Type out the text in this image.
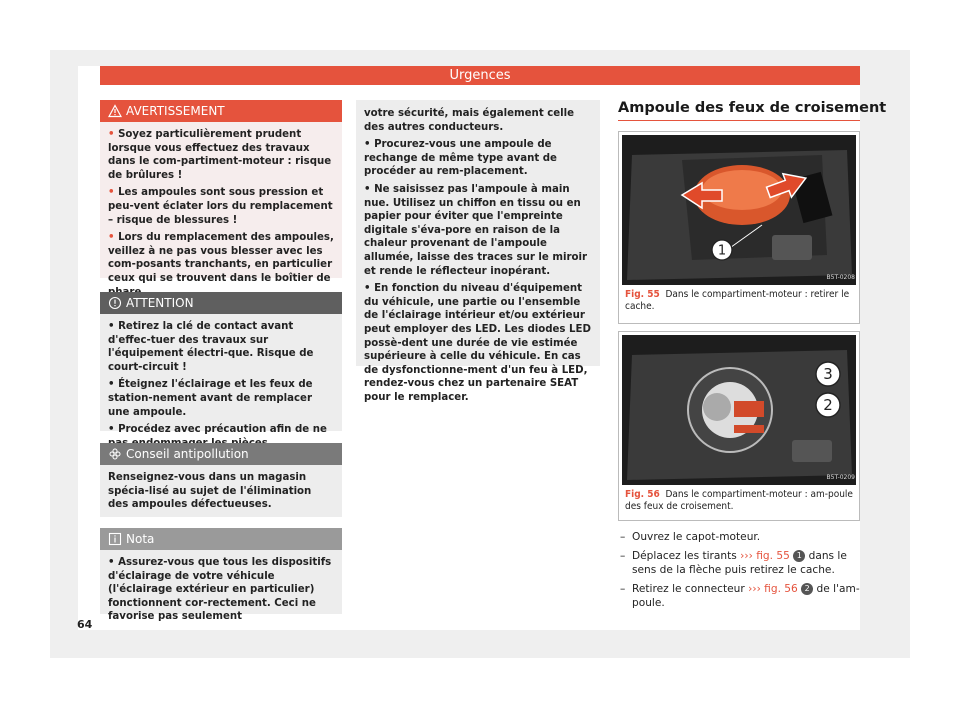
Urgences
AVERTISSEMENT

• Soyez particulièrement prudent lorsque vous effectuez des travaux dans le com-partiment-moteur : risque de brûlures !

• Les ampoules sont sous pression et peu-vent éclater lors du remplacement – risque de blessures !

• Lors du remplacement des ampoules, veillez à ne pas vous blesser avec les com-posants tranchants, en particulier ceux qui se trouvent dans le boîtier de

ATTENTION

• Retirez la clé de contact avant d'effec-tuer des travaux sur l'équipement électri-que. Risque de court-circuit !

• Éteignez l'éclairage et les feux de station-nement avant de remplacer une ampoule.

• Procédez avec précaution afin de ne

Conseil antipollution

Renseignez-vous dans un magasin spécia-lisé au sujet de l'élimination des ampoules défectueuses.

Nota

• Assurez-vous que tous les dispositifs d'éclairage de votre véhicule (l'éclairage extérieur en particulier) fonctionnent cor-rectement. Ceci ne favorise pas seulement

votre sécurité, mais également celle des autres conducteurs.

• Procurez-vous une ampoule de rechange de même type avant de procéder au rem-placement.

• Ne saisissez pas l'ampoule à main nue. Utilisez un chiffon en tissu ou en papier pour éviter que l'empreinte digitale s'éva-pore en raison de la chaleur provenant de l'ampoule allumée, laisse des traces sur le miroir et rende le réflecteur inopérant.

• En fonction du niveau d'équipement du véhicule, une partie ou l'ensemble de l'éclairage intérieur et/ou extérieur peut employer des LED. Les diodes LED possè-dent une durée de vie estimée supérieure à celle du véhicule. En cas de dysfonctionne-ment d'un feu à LED, rendez-vous chez un partenaire SEAT pour le remplacer.

Ampoule des feux de croisement
1
B5T-0208
Fig. 55 Dans le compartiment-moteur : retirer le cache.
3
2
B5T-0209
Fig. 56 Dans le compartiment-moteur : am-poule des feux de croisement.
– Ouvrez le capot-moteur.
– Déplacez les tirants ››› fig. 55 1 dans le sens de la flèche puis retirez le cache.
– Retirez le connecteur ››› fig. 56 2 de l'am-poule.
64
